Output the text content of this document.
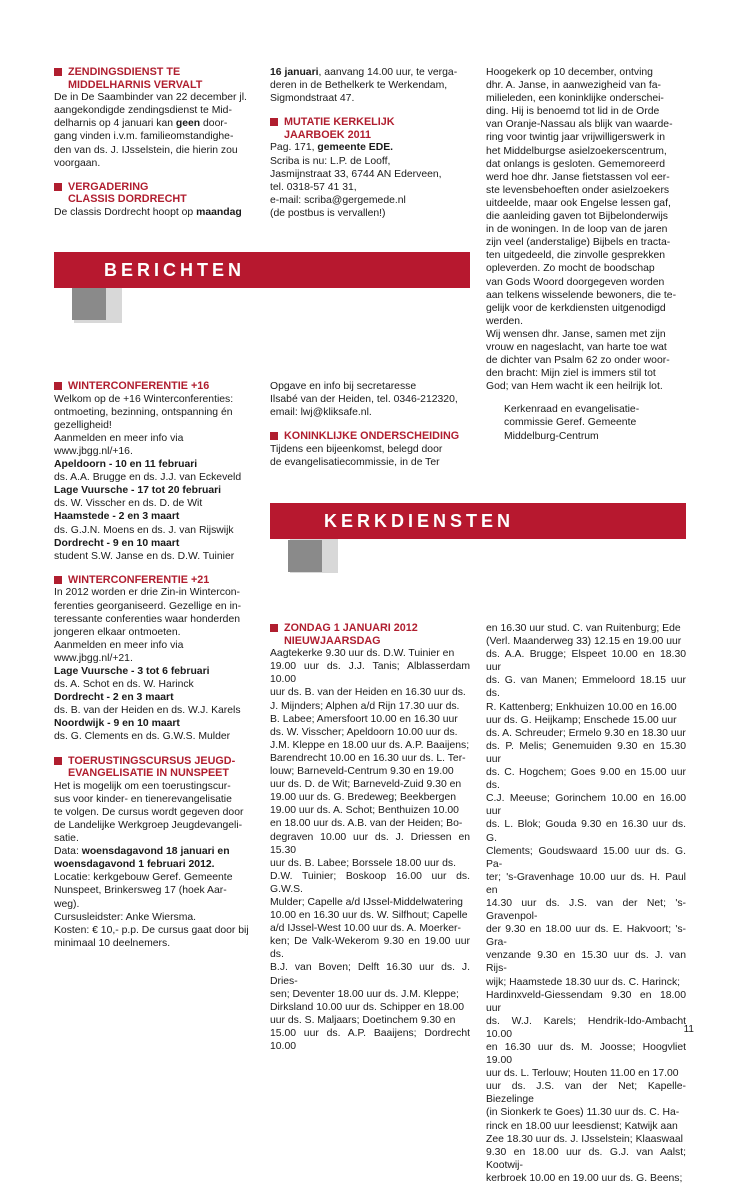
ZENDINGSDIENST TE
MIDDELHARNIS VERVALT

De in De Saambinder van 22 december jl.
aangekondigde zendingsdienst te Mid-
delharnis op 4 januari kan geen door-
gang vinden i.v.m. familieomstandighe-
den van ds. J. IJsselstein, die hierin zou
voorgaan.

VERGADERING
CLASSIS DORDRECHT

De classis Dordrecht hoopt op maandag

16 januari, aanvang 14.00 uur, te verga-
deren in de Bethelkerk te Werkendam,
Sigmondstraat 47.

MUTATIE KERKELIJK
JAARBOEK 2011

Pag. 171, gemeente EDE.
Scriba is nu: L.P. de Looff,
Jasmijnstraat 33, 6744 AN Ederveen,
tel. 0318-57 41 31,
e-mail: scriba@gergemede.nl
(de postbus is vervallen!)

Hoogekerk op 10 december, ontving
dhr. A. Janse, in aanwezigheid van fa-
milieleden, een koninklijke onderschei-
ding. Hij is benoemd tot lid in de Orde
van Oranje-Nassau als blijk van waarde-
ring voor twintig jaar vrijwilligerswerk in
het Middelburgse asielzoekerscentrum,
dat onlangs is gesloten. Gememoreerd
werd hoe dhr. Janse fietstassen vol eer-
ste levensbehoeften onder asielzoekers
uitdeelde, maar ook Engelse lessen gaf,
die aanleiding gaven tot Bijbelonderwijs
in de woningen. In de loop van de jaren
zijn veel (anderstalige) Bijbels en tracta-
ten uitgedeeld, die zinvolle gesprekken
opleverden. Zo mocht de boodschap
van Gods Woord doorgegeven worden
aan telkens wisselende bewoners, die te-
gelijk voor de kerkdiensten uitgenodigd
werden.
Wij wensen dhr. Janse, samen met zijn
vrouw en nageslacht, van harte toe wat
de dichter van Psalm 62 zo onder woor-
den bracht: Mijn ziel is immers stil tot
God; van Hem wacht ik een heilrijk lot.

Kerkenraad en evangelisatie-
commissie Geref. Gemeente
Middelburg-Centrum

BERICHTEN
WINTERCONFERENTIE +16

Welkom op de +16 Winterconferenties:
ontmoeting, bezinning, ontspanning én
gezelligheid!
Aanmelden en meer info via
www.jbgg.nl/+16.
Apeldoorn - 10 en 11 februari
ds. A.A. Brugge en ds. J.J. van Eckeveld
Lage Vuursche - 17 tot 20 februari
ds. W. Visscher en ds. D. de Wit
Haamstede - 2 en 3 maart
ds. G.J.N. Moens en ds. J. van Rijswijk
Dordrecht - 9 en 10 maart
student S.W. Janse en ds. D.W. Tuinier

WINTERCONFERENTIE +21

In 2012 worden er drie Zin-in Wintercon-
ferenties georganiseerd. Gezellige en in-
teressante conferenties waar honderden
jongeren elkaar ontmoeten.
Aanmelden en meer info via
www.jbgg.nl/+21.
Lage Vuursche - 3 tot 6 februari
ds. A. Schot en ds. W. Harinck
Dordrecht - 2 en 3 maart
ds. B. van der Heiden en ds. W.J. Karels
Noordwijk - 9 en 10 maart
ds. G. Clements en ds. G.W.S. Mulder

TOERUSTINGSCURSUS JEUGD-
EVANGELISATIE IN NUNSPEET

Het is mogelijk om een toerustingscur-
sus voor kinder- en tienerevangelisatie
te volgen. De cursus wordt gegeven door
de Landelijke Werkgroep Jeugdevangeli-
satie.

Data: woensdagavond 18 januari en
woensdagavond 1 februari 2012.

Locatie: kerkgebouw Geref. Gemeente
Nunspeet, Brinkersweg 17 (hoek Aar-
weg).
Cursusleidster: Anke Wiersma.
Kosten: € 10,- p.p. De cursus gaat door bij
minimaal 10 deelnemers.

Opgave en info bij secretaresse
Ilsabé van der Heiden, tel. 0346-212320,
email: lwj@kliksafe.nl.

KONINKLIJKE ONDERSCHEIDING

Tijdens een bijeenkomst, belegd door
de evangelisatiecommissie, in de Ter

KERKDIENSTEN
ZONDAG 1 JANUARI 2012
NIEUWJAARSDAG

Aagtekerke 9.30 uur ds. D.W. Tuinier en
19.00 uur ds. J.J. Tanis; Alblasserdam 10.00
uur ds. B. van der Heiden en 16.30 uur ds.
J. Mijnders; Alphen a/d Rijn 17.30 uur ds.
B. Labee; Amersfoort 10.00 en 16.30 uur
ds. W. Visscher; Apeldoorn 10.00 uur ds.
J.M. Kleppe en 18.00 uur ds. A.P. Baaijens;
Barendrecht 10.00 en 16.30 uur ds. L. Ter-
louw; Barneveld-Centrum 9.30 en 19.00
uur ds. D. de Wit; Barneveld-Zuid 9.30 en
19.00 uur ds. G. Bredeweg; Beekbergen
19.00 uur ds. A. Schot; Benthuizen 10.00
en 18.00 uur ds. A.B. van der Heiden; Bo-
degraven 10.00 uur ds. J. Driessen en 15.30
uur ds. B. Labee; Borssele 18.00 uur ds.
D.W. Tuinier; Boskoop 16.00 uur ds. G.W.S.
Mulder; Capelle a/d IJssel-Middelwatering
10.00 en 16.30 uur ds. W. Silfhout; Capelle
a/d IJssel-West 10.00 uur ds. A. Moerker-
ken; De Valk-Wekerom 9.30 en 19.00 uur ds.
B.J. van Boven; Delft 16.30 uur ds. J. Dries-
sen; Deventer 18.00 uur ds. J.M. Kleppe;
Dirksland 10.00 uur ds. Schipper en 18.00
uur ds. S. Maljaars; Doetinchem 9.30 en
15.00 uur ds. A.P. Baaijens; Dordrecht 10.00

en 16.30 uur stud. C. van Ruitenburg; Ede
(Verl. Maanderweg 33) 12.15 en 19.00 uur
ds. A.A. Brugge; Elspeet 10.00 en 18.30 uur
ds. G. van Manen; Emmeloord 18.15 uur ds.
R. Kattenberg; Enkhuizen 10.00 en 16.00
uur ds. G. Heijkamp; Enschede 15.00 uur
ds. A. Schreuder; Ermelo 9.30 en 18.30 uur
ds. P. Melis; Genemuiden 9.30 en 15.30 uur
ds. C. Hogchem; Goes 9.00 en 15.00 uur ds.
C.J. Meeuse; Gorinchem 10.00 en 16.00 uur
ds. L. Blok; Gouda 9.30 en 16.30 uur ds. G.
Clements; Goudswaard 15.00 uur ds. G. Pa-
ter; 's-Gravenhage 10.00 uur ds. H. Paul en
14.30 uur ds. J.S. van der Net; 's-Gravenpol-
der 9.30 en 18.00 uur ds. E. Hakvoort; 's-Gra-
venzande 9.30 en 15.30 uur ds. J. van Rijs-
wijk; Haamstede 18.30 uur ds. C. Harinck;
Hardinxveld-Giessendam 9.30 en 18.00 uur
ds. W.J. Karels; Hendrik-Ido-Ambacht 10.00
en 16.30 uur ds. M. Joosse; Hoogvliet 19.00
uur ds. L. Terlouw; Houten 11.00 en 17.00
uur ds. J.S. van der Net; Kapelle-Biezelinge
(in Sionkerk te Goes) 11.30 uur ds. C. Ha-
rinck en 18.00 uur leesdienst; Katwijk aan
Zee 18.30 uur ds. J. IJsselstein; Klaaswaal
9.30 en 18.00 uur ds. G.J. van Aalst; Kootwij-
kerbroek 10.00 en 19.00 uur ds. G. Beens;

11
